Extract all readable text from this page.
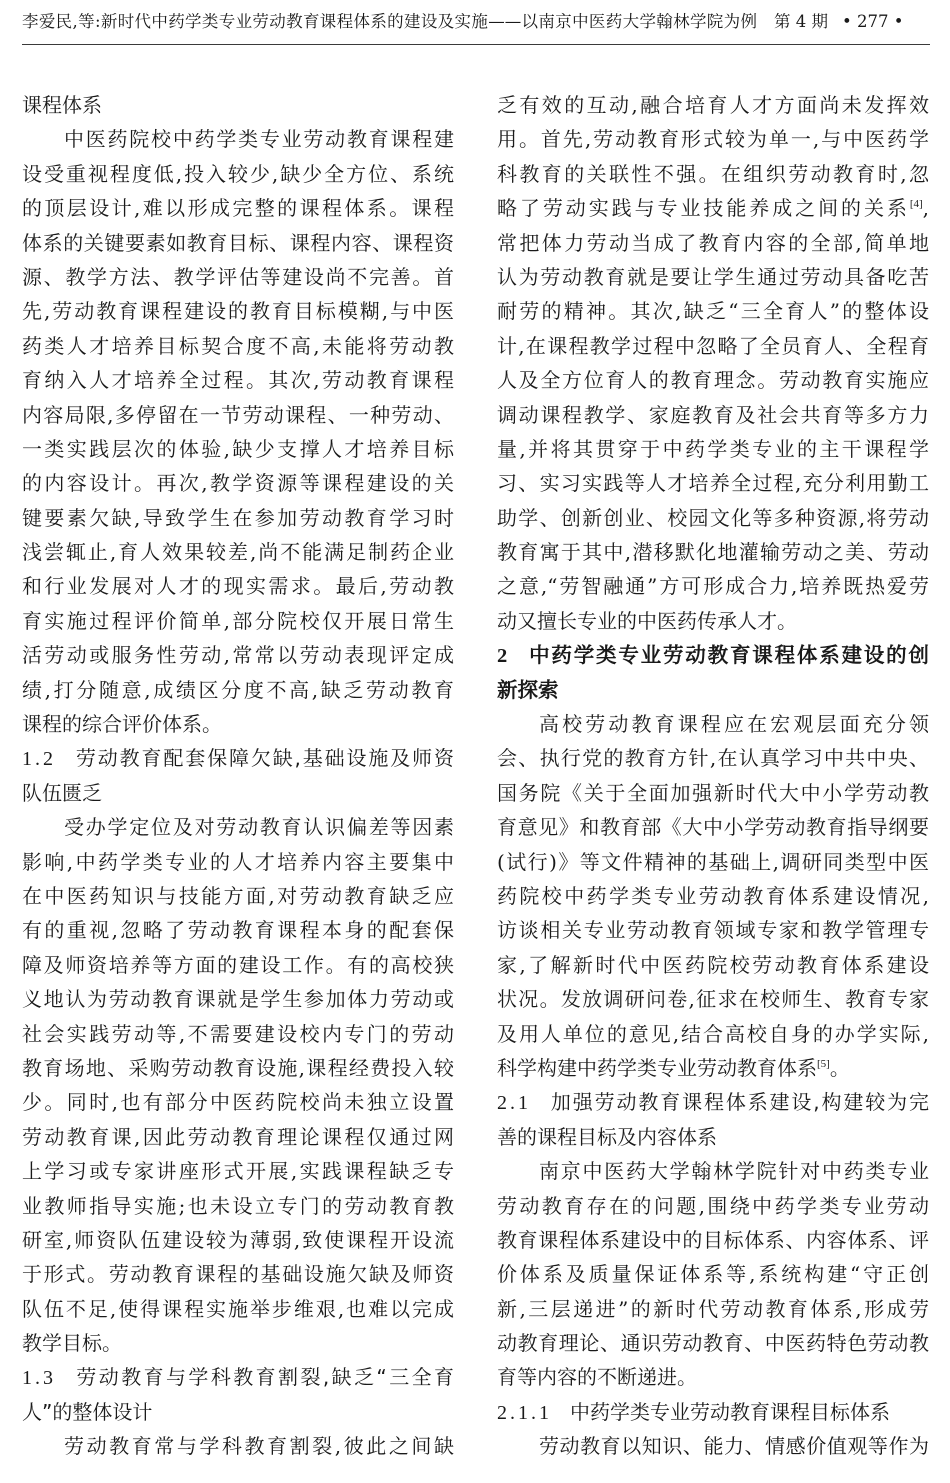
李爱民,等:新时代中药学类专业劳动教育课程体系的建设及实施——以南京中医药大学翰林学院为例 第 4 期 • 277 •
课程体系
中医药院校中药学类专业劳动教育课程建
设受重视程度低,投入较少,缺少全方位、系统
的顶层设计,难以形成完整的课程体系。课程
体系的关键要素如教育目标、课程内容、课程资
源、教学方法、教学评估等建设尚不完善。首
先,劳动教育课程建设的教育目标模糊,与中医
药类人才培养目标契合度不高,未能将劳动教
育纳入人才培养全过程。其次,劳动教育课程
内容局限,多停留在一节劳动课程、一种劳动、
一类实践层次的体验,缺少支撑人才培养目标
的内容设计。再次,教学资源等课程建设的关
键要素欠缺,导致学生在参加劳动教育学习时
浅尝辄止,育人效果较差,尚不能满足制药企业
和行业发展对人才的现实需求。最后,劳动教
育实施过程评价简单,部分院校仅开展日常生
活劳动或服务性劳动,常常以劳动表现评定成
绩,打分随意,成绩区分度不高,缺乏劳动教育
课程的综合评价体系。
1.2 劳动教育配套保障欠缺,基础设施及师资
队伍匮乏
受办学定位及对劳动教育认识偏差等因素
影响,中药学类专业的人才培养内容主要集中
在中医药知识与技能方面,对劳动教育缺乏应
有的重视,忽略了劳动教育课程本身的配套保
障及师资培养等方面的建设工作。有的高校狭
义地认为劳动教育课就是学生参加体力劳动或
社会实践劳动等,不需要建设校内专门的劳动
教育场地、采购劳动教育设施,课程经费投入较
少。同时,也有部分中医药院校尚未独立设置
劳动教育课,因此劳动教育理论课程仅通过网
上学习或专家讲座形式开展,实践课程缺乏专
业教师指导实施;也未设立专门的劳动教育教
研室,师资队伍建设较为薄弱,致使课程开设流
于形式。劳动教育课程的基础设施欠缺及师资
队伍不足,使得课程实施举步维艰,也难以完成
教学目标。
1.3 劳动教育与学科教育割裂,缺乏“三全育
人”的整体设计
劳动教育常与学科教育割裂,彼此之间缺
乏有效的互动,融合培育人才方面尚未发挥效
用。首先,劳动教育形式较为单一,与中医药学
科教育的关联性不强。在组织劳动教育时,忽
略了劳动实践与专业技能养成之间的关系[4],
常把体力劳动当成了教育内容的全部,简单地
认为劳动教育就是要让学生通过劳动具备吃苦
耐劳的精神。其次,缺乏“三全育人”的整体设
计,在课程教学过程中忽略了全员育人、全程育
人及全方位育人的教育理念。劳动教育实施应
调动课程教学、家庭教育及社会共育等多方力
量,并将其贯穿于中药学类专业的主干课程学
习、实习实践等人才培养全过程,充分利用勤工
助学、创新创业、校园文化等多种资源,将劳动
教育寓于其中,潜移默化地灌输劳动之美、劳动
之意,“劳智融通”方可形成合力,培养既热爱劳
动又擅长专业的中医药传承人才。
2 中药学类专业劳动教育课程体系建设的创
新探索
高校劳动教育课程应在宏观层面充分领
会、执行党的教育方针,在认真学习中共中央、
国务院《关于全面加强新时代大中小学劳动教
育意见》和教育部《大中小学劳动教育指导纲要
(试行)》等文件精神的基础上,调研同类型中医
药院校中药学类专业劳动教育体系建设情况,
访谈相关专业劳动教育领域专家和教学管理专
家,了解新时代中医药院校劳动教育体系建设
状况。发放调研问卷,征求在校师生、教育专家
及用人单位的意见,结合高校自身的办学实际,
科学构建中药学类专业劳动教育体系[5]。
2.1 加强劳动教育课程体系建设,构建较为完
善的课程目标及内容体系
南京中医药大学翰林学院针对中药类专业
劳动教育存在的问题,围绕中药学类专业劳动
教育课程体系建设中的目标体系、内容体系、评
价体系及质量保证体系等,系统构建“守正创
新,三层递进”的新时代劳动教育体系,形成劳
动教育理论、通识劳动教育、中医药特色劳动教
育等内容的不断递进。
2.1.1 中药学类专业劳动教育课程目标体系
劳动教育以知识、能力、情感价值观等作为
